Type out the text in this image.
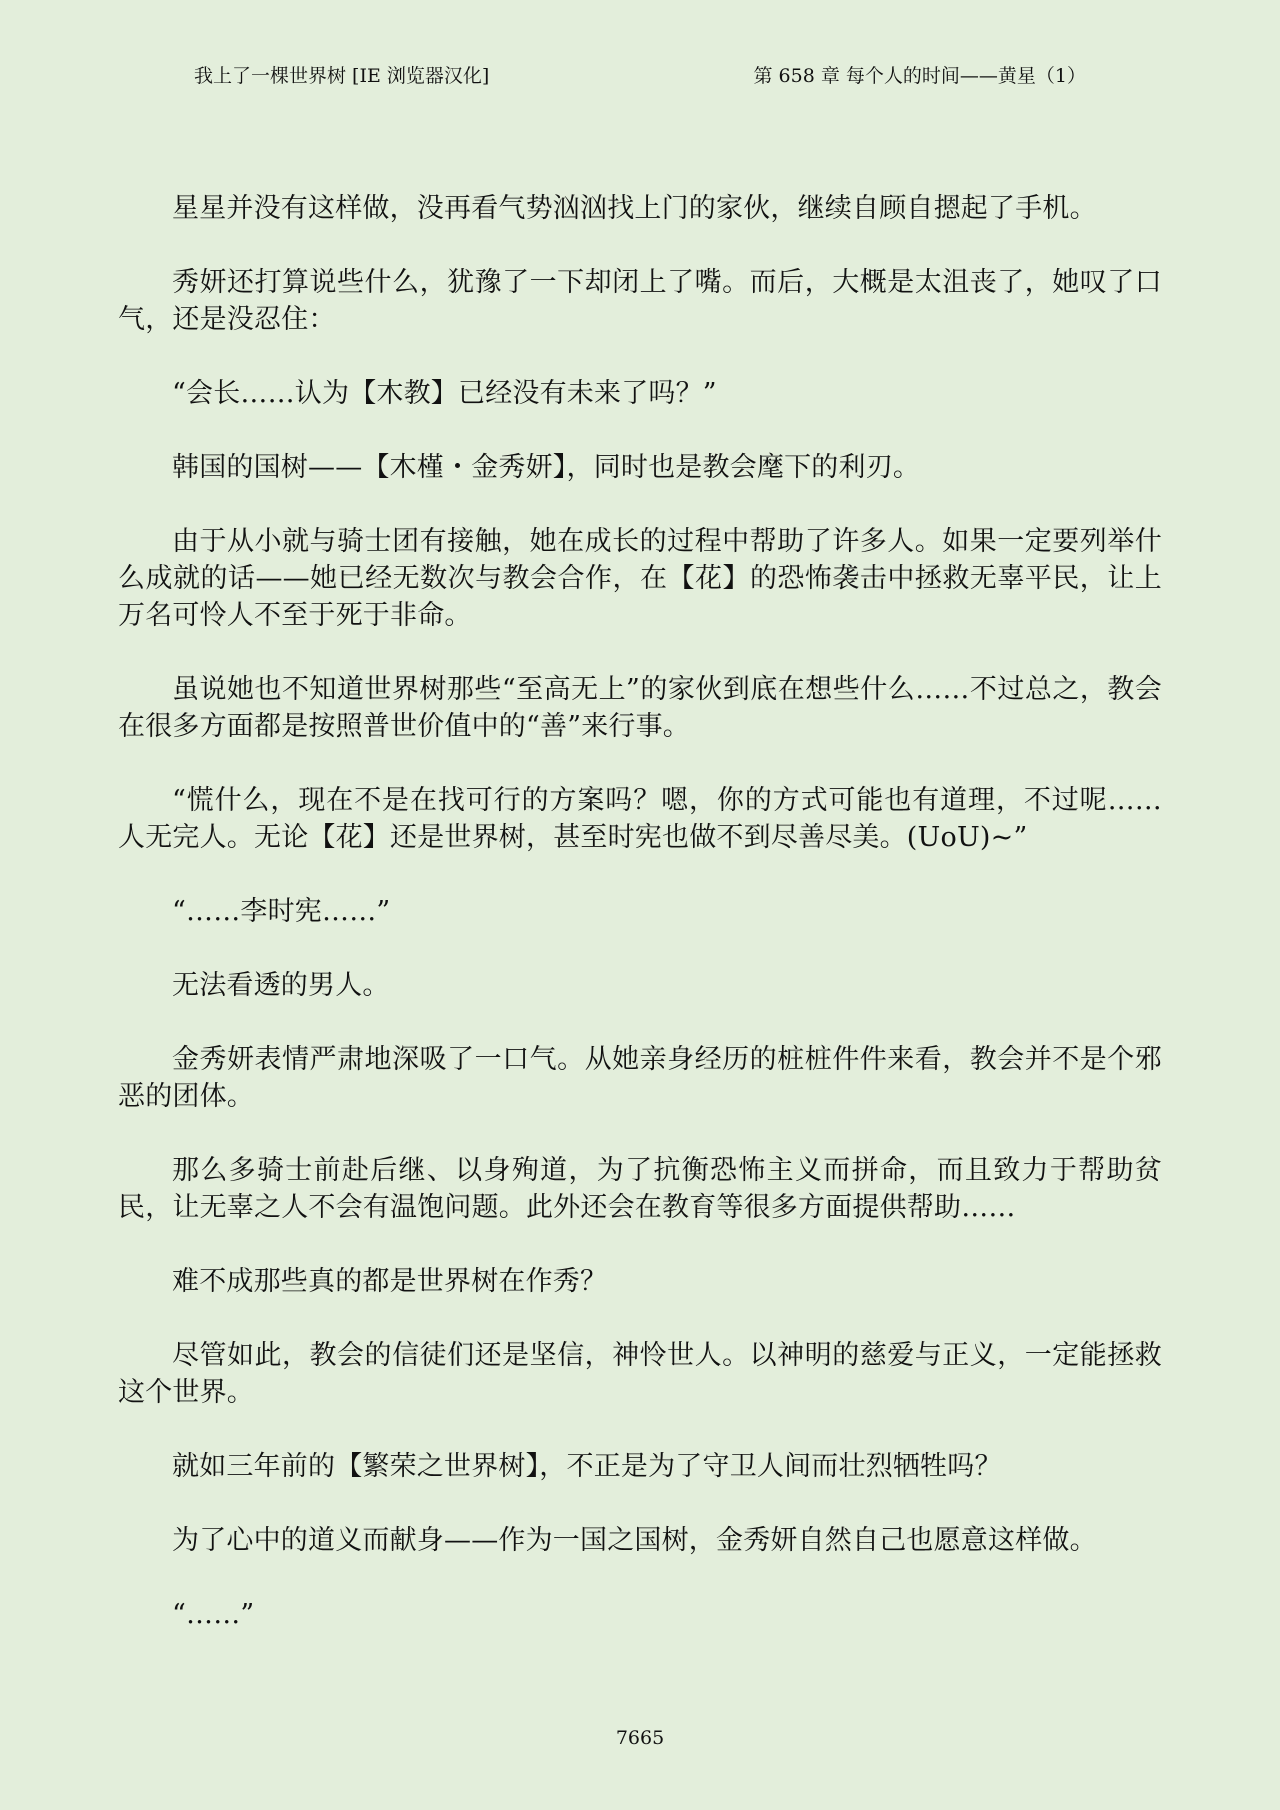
我上了一棵世界树 [IE 浏览器汉化]	第 658 章 每个人的时间——黄星（1）

星星并没有这样做，没再看气势汹汹找上门的家伙，继续自顾自摁起了手机。

秀妍还打算说些什么，犹豫了一下却闭上了嘴。而后，大概是太沮丧了，她叹了口气，还是没忍住：

“会长……认为【木教】已经没有未来了吗？”

韩国的国树——【木槿・金秀妍】，同时也是教会麾下的利刃。

由于从小就与骑士团有接触，她在成长的过程中帮助了许多人。如果一定要列举什么成就的话——她已经无数次与教会合作，在【花】的恐怖袭击中拯救无辜平民，让上万名可怜人不至于死于非命。

虽说她也不知道世界树那些“至高无上”的家伙到底在想些什么……不过总之，教会在很多方面都是按照普世价值中的“善”来行事。

“慌什么，现在不是在找可行的方案吗？嗯，你的方式可能也有道理，不过呢……人无完人。无论【花】还是世界树，甚至时宪也做不到尽善尽美。(UoU)~”

“……李时宪……”

无法看透的男人。

金秀妍表情严肃地深吸了一口气。从她亲身经历的桩桩件件来看，教会并不是个邪恶的团体。

那么多骑士前赴后继、以身殉道，为了抗衡恐怖主义而拼命，而且致力于帮助贫民，让无辜之人不会有温饱问题。此外还会在教育等很多方面提供帮助……

难不成那些真的都是世界树在作秀？

尽管如此，教会的信徒们还是坚信，神怜世人。以神明的慈爱与正义，一定能拯救这个世界。

就如三年前的【繁荣之世界树】，不正是为了守卫人间而壮烈牺牲吗？

为了心中的道义而献身——作为一国之国树，金秀妍自然自己也愿意这样做。

“……”

7665
